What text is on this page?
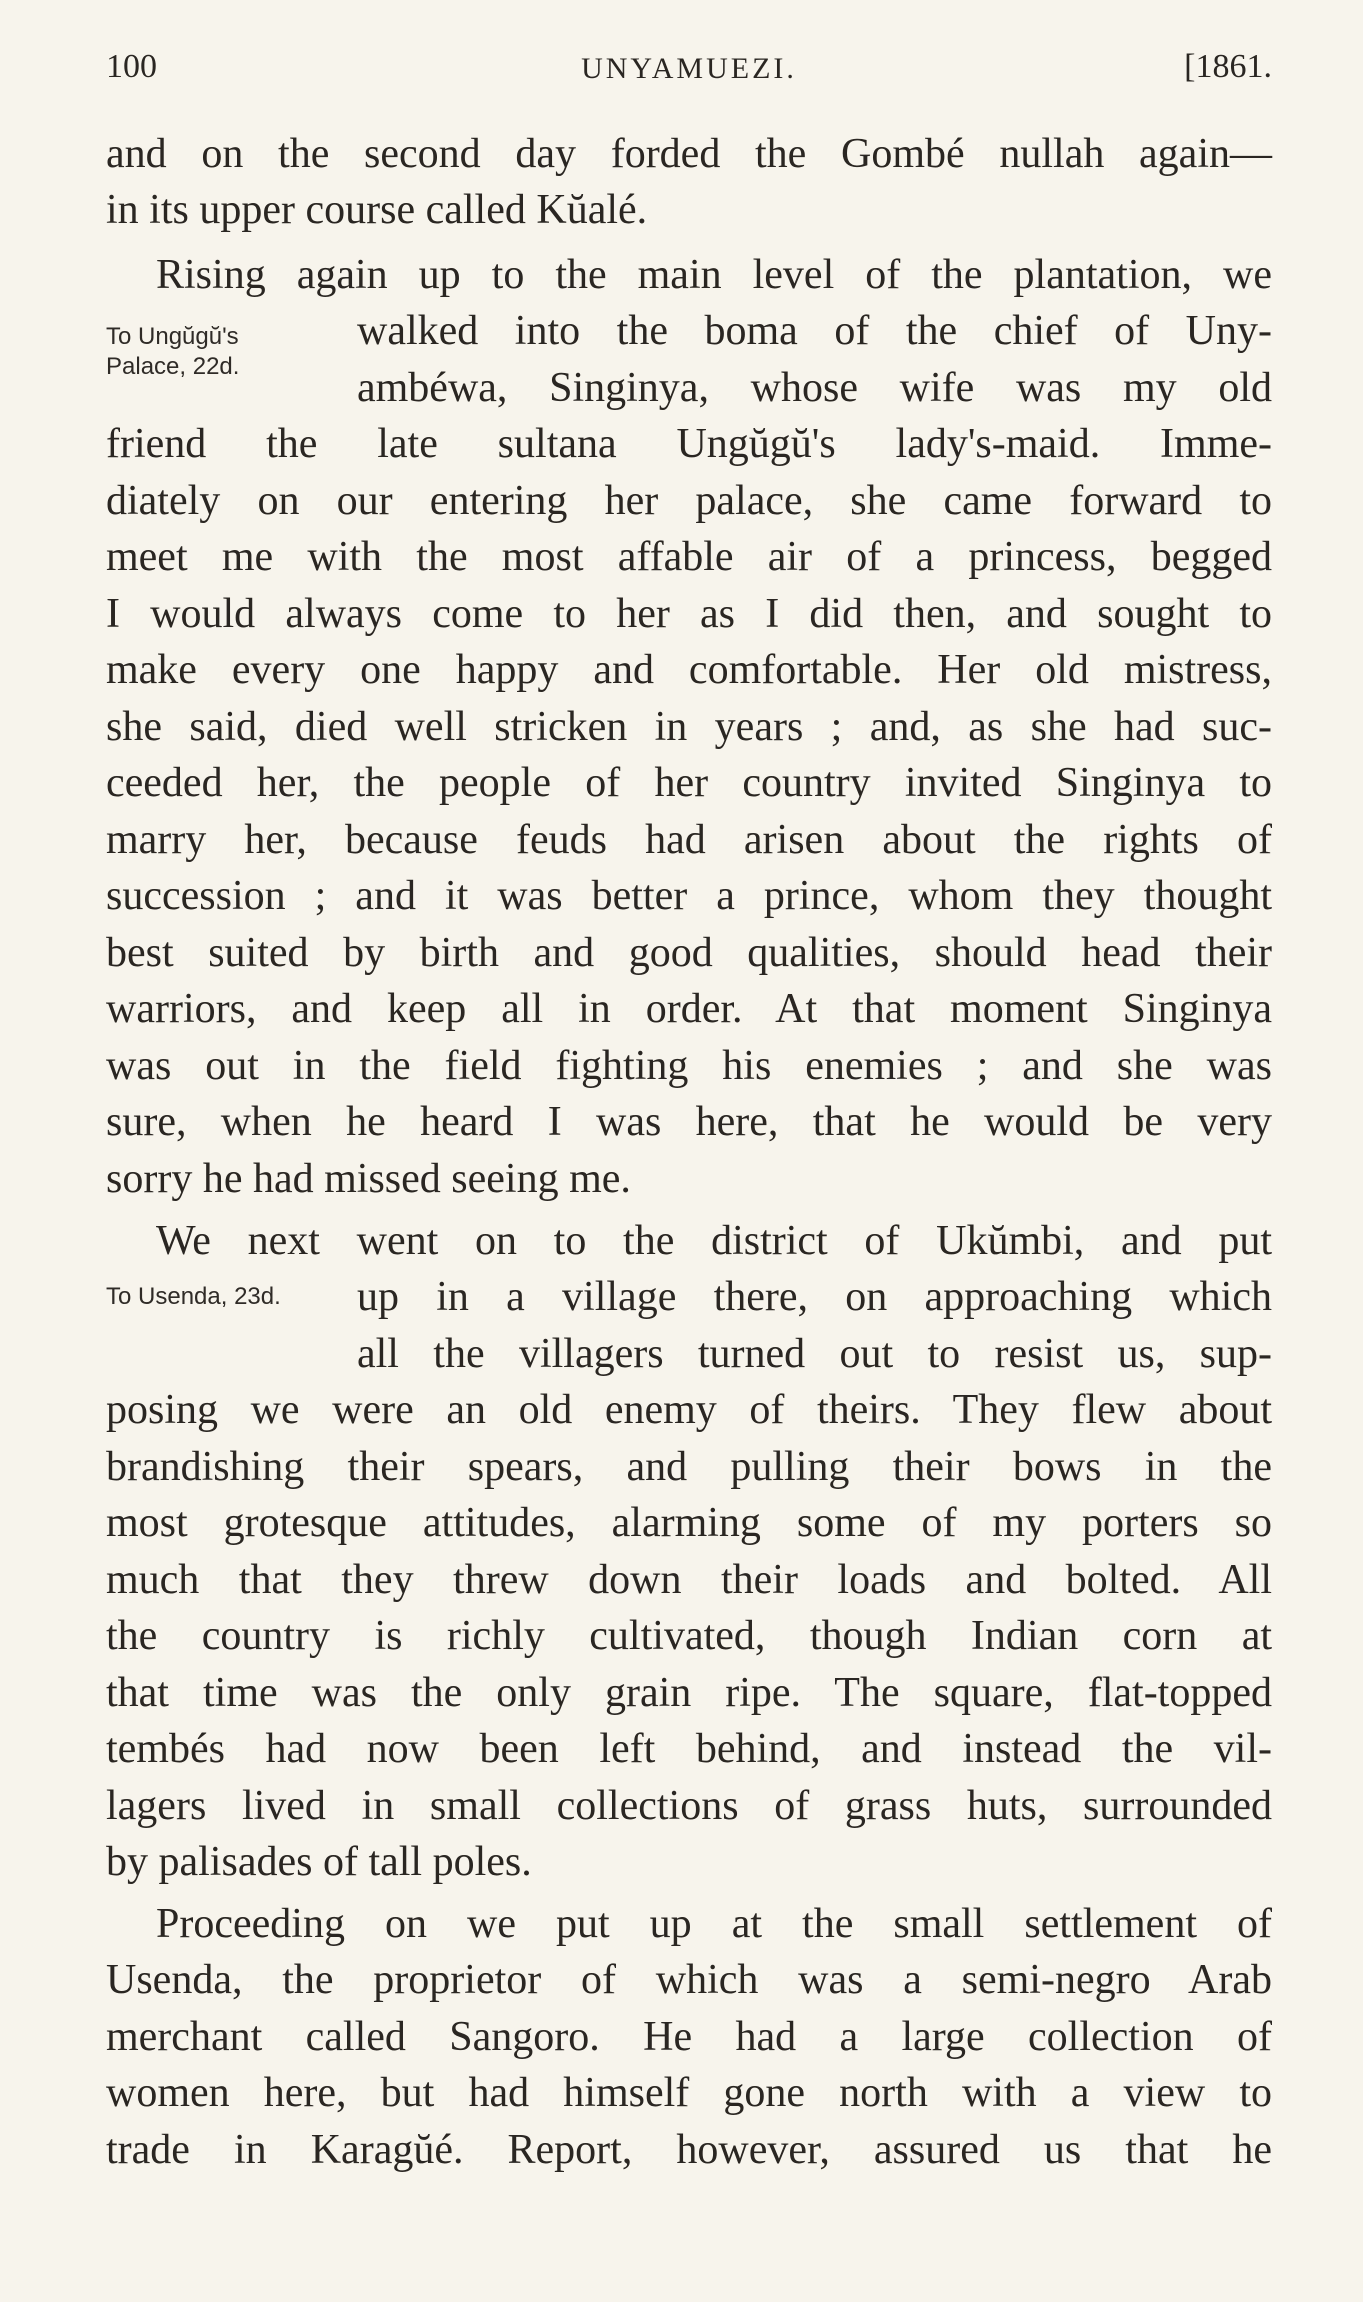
100	UNYAMUEZI.	[1861.
To Ungŭgŭ's
Palace, 22d.
To Usenda, 23d.
and on the second day forded the Gombé nullah again—
in its upper course called Kŭalé.
Rising again up to the main level of the plantation, we
walked into the boma of the chief of Uny-
ambéwa, Singinya, whose wife was my old
friend the late sultana Ungŭgŭ's lady's-maid. Imme-
diately on our entering her palace, she came forward to
meet me with the most affable air of a princess, begged
I would always come to her as I did then, and sought to
make every one happy and comfortable. Her old mistress,
she said, died well stricken in years ; and, as she had suc-
ceeded her, the people of her country invited Singinya to
marry her, because feuds had arisen about the rights of
succession ; and it was better a prince, whom they thought
best suited by birth and good qualities, should head their
warriors, and keep all in order. At that moment Singinya
was out in the field fighting his enemies ; and she was
sure, when he heard I was here, that he would be very
sorry he had missed seeing me.
We next went on to the district of Ukŭmbi, and put
up in a village there, on approaching which
all the villagers turned out to resist us, sup-
posing we were an old enemy of theirs. They flew about
brandishing their spears, and pulling their bows in the
most grotesque attitudes, alarming some of my porters so
much that they threw down their loads and bolted. All
the country is richly cultivated, though Indian corn at
that time was the only grain ripe. The square, flat-topped
tembés had now been left behind, and instead the vil-
lagers lived in small collections of grass huts, surrounded
by palisades of tall poles.
Proceeding on we put up at the small settlement of
Usenda, the proprietor of which was a semi-negro Arab
merchant called Sangoro. He had a large collection of
women here, but had himself gone north with a view to
trade in Karagŭé. Report, however, assured us that he
